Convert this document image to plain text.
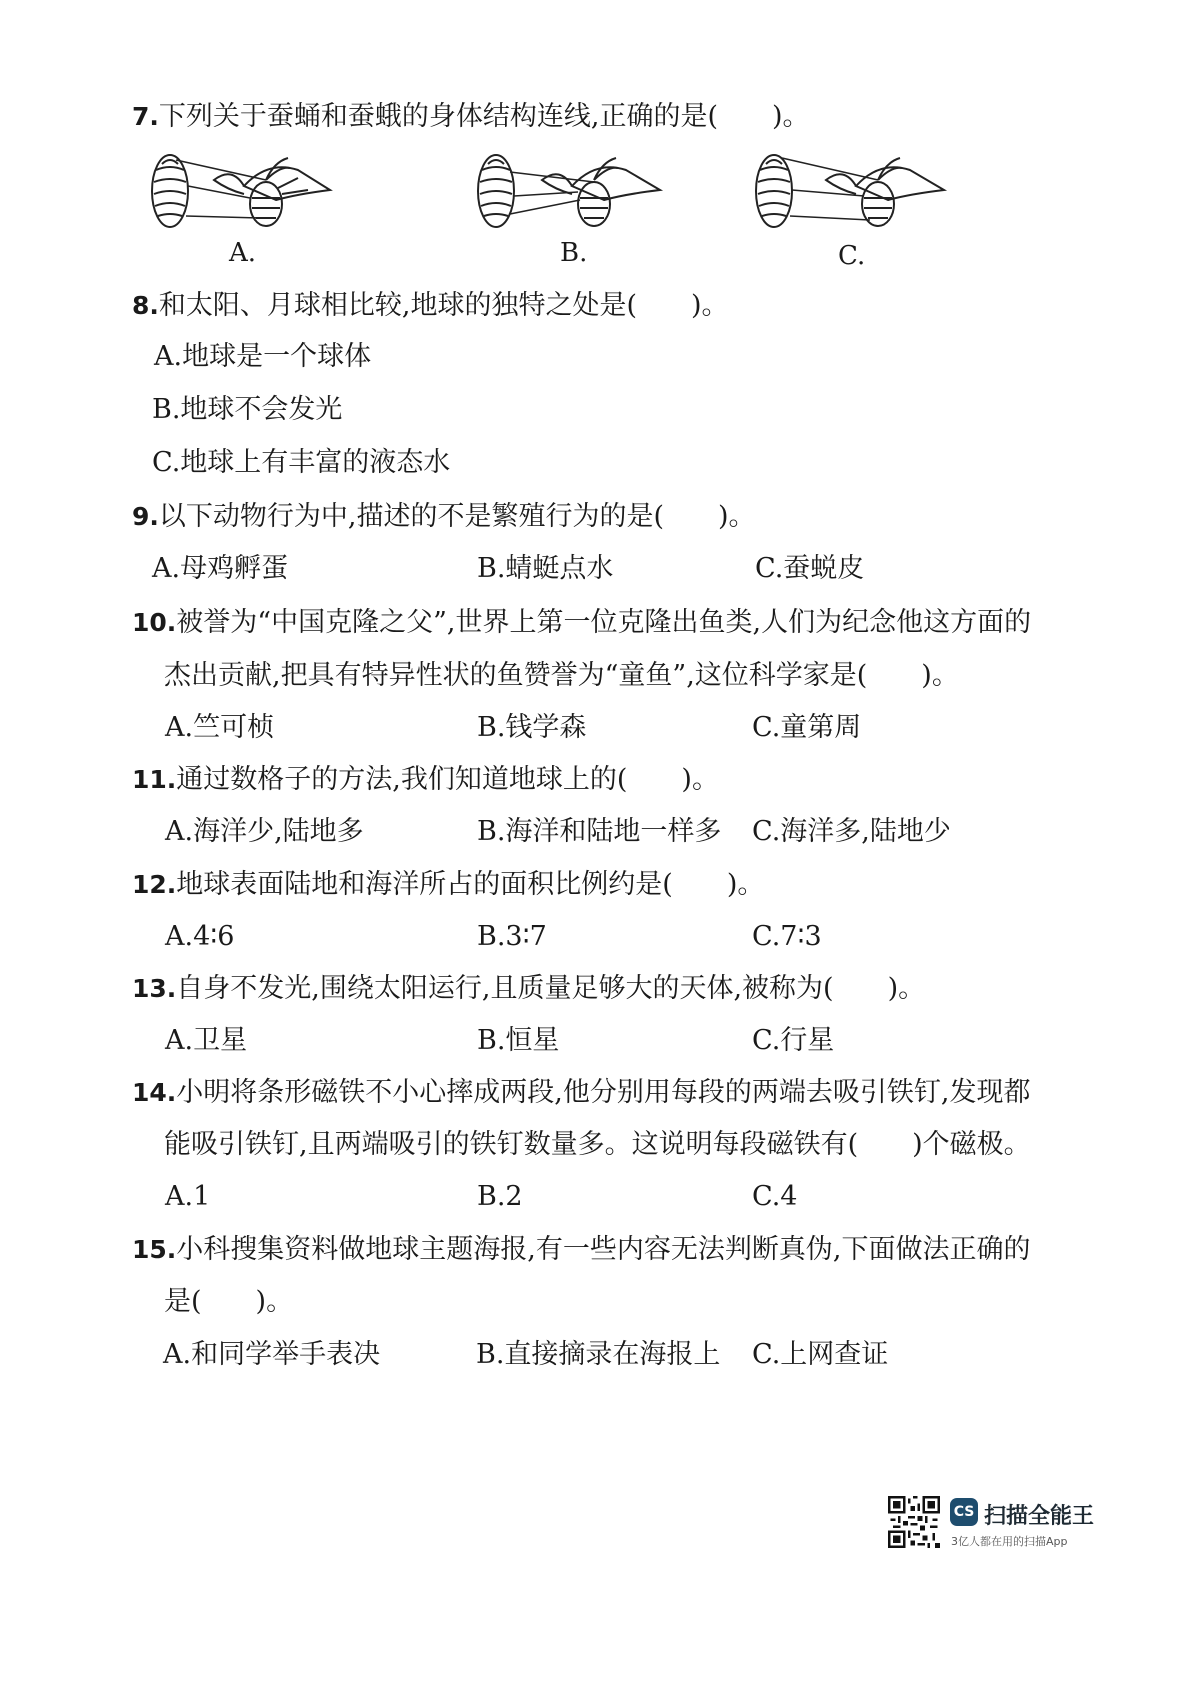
7.下列关于蚕蛹和蚕蛾的身体结构连线,正确的是(　　)。
A.	B.	C.
8.和太阳、月球相比较,地球的独特之处是(　　)。
A.地球是一个球体
B.地球不会发光
C.地球上有丰富的液态水
9.以下动物行为中,描述的不是繁殖行为的是(　　)。
A.母鸡孵蛋	B.蜻蜓点水	C.蚕蜕皮
10.被誉为“中国克隆之父”,世界上第一位克隆出鱼类,人们为纪念他这方面的
杰出贡献,把具有特异性状的鱼赞誉为“童鱼”,这位科学家是(　　)。
A.竺可桢	B.钱学森	C.童第周
11.通过数格子的方法,我们知道地球上的(　　)。
A.海洋少,陆地多	B.海洋和陆地一样多 C.海洋多,陆地少
12.地球表面陆地和海洋所占的面积比例约是(　　)。
A.4∶6	B.3∶7	C.7∶3
13.自身不发光,围绕太阳运行,且质量足够大的天体,被称为(　　)。
A.卫星	B.恒星	C.行星
14.小明将条形磁铁不小心摔成两段,他分别用每段的两端去吸引铁钉,发现都
能吸引铁钉,且两端吸引的铁钉数量多。这说明每段磁铁有(　　)个磁极。
A.1	B.2	C.4
15.小科搜集资料做地球主题海报,有一些内容无法判断真伪,下面做法正确的
是(　　)。
A.和同学举手表决	B.直接摘录在海报上 C.上网查证
CS 扫描全能王
3亿人都在用的扫描App
